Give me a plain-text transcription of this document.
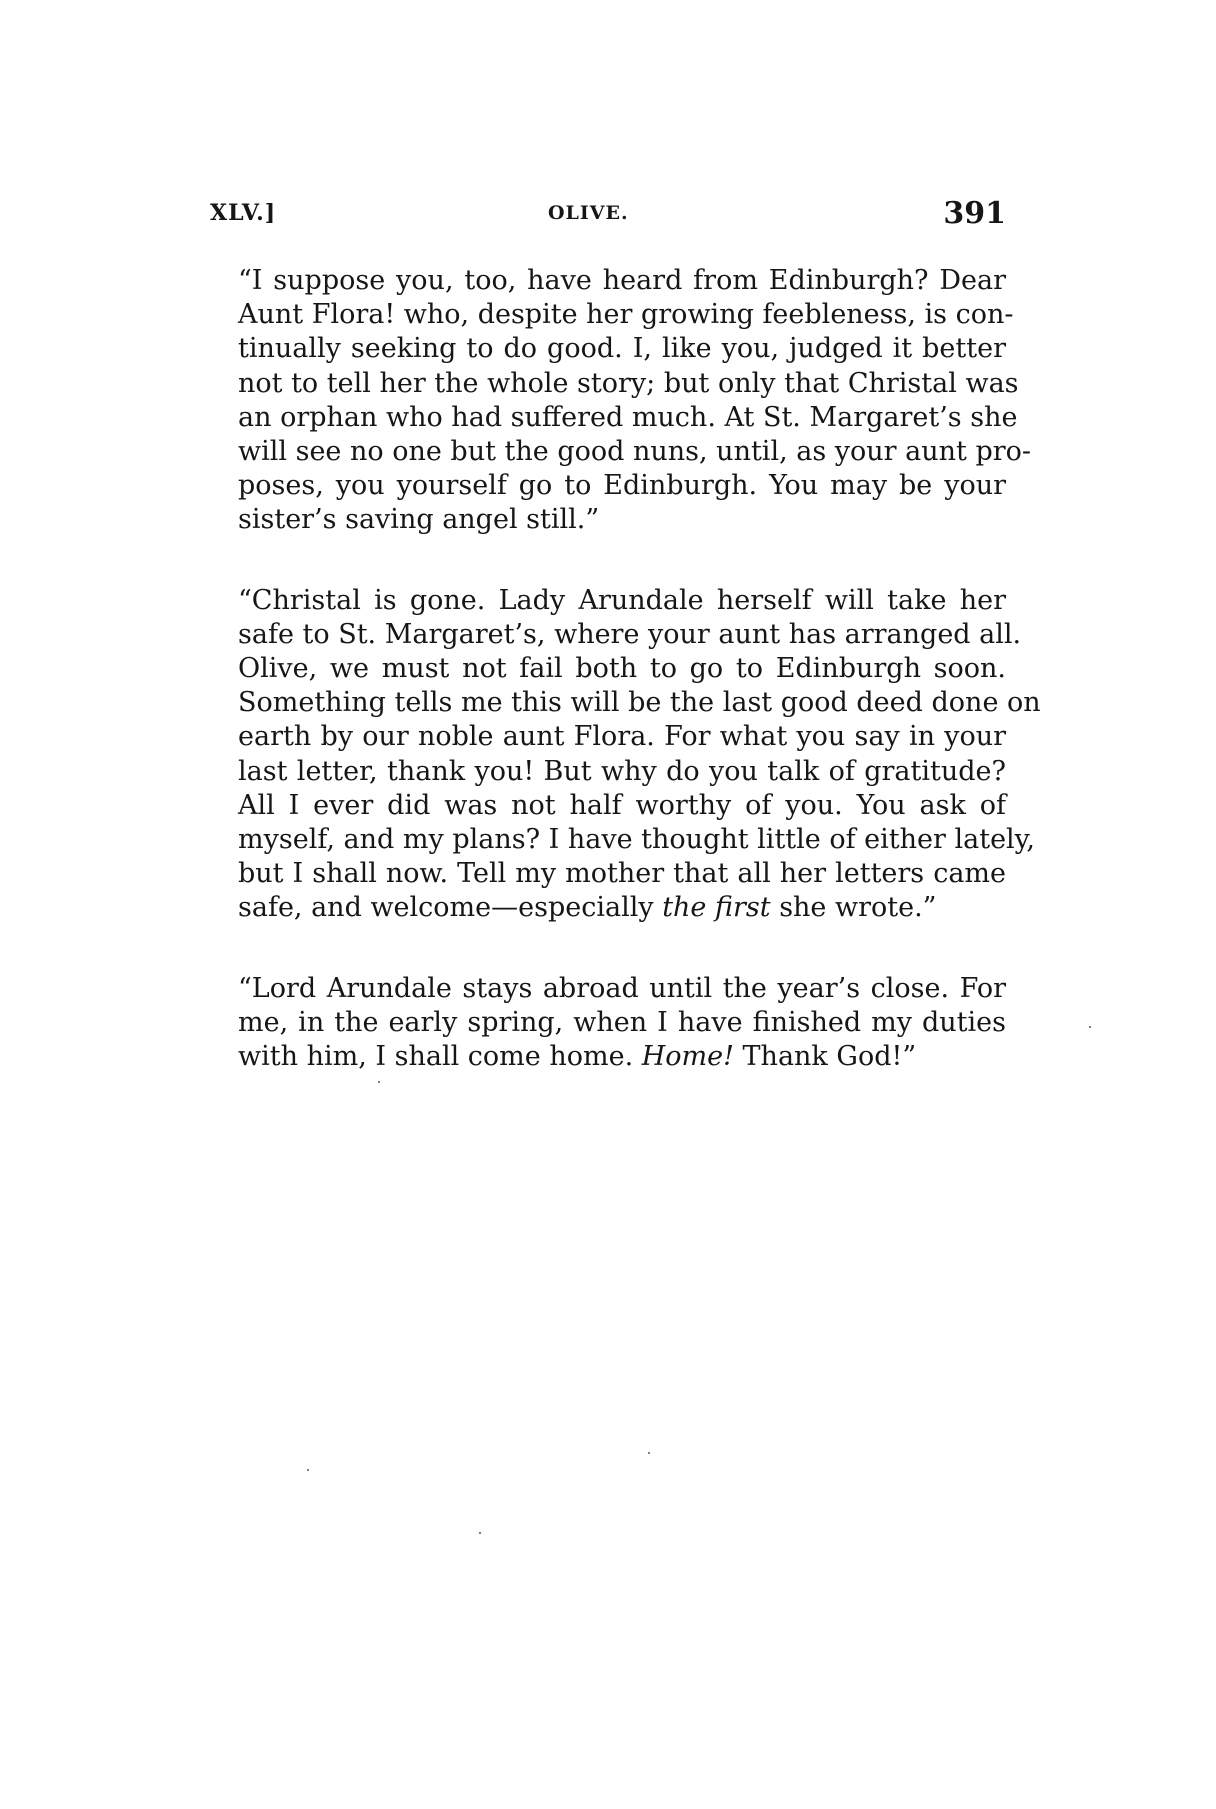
XLV.]	OLIVE.	391

“I suppose you, too, have heard from Edinburgh? Dear
Aunt Flora! who, despite her growing feebleness, is con-
tinually seeking to do good. I, like you, judged it better
not to tell her the whole story; but only that Christal was
an orphan who had suffered much. At St. Margaret’s she
will see no one but the good nuns, until, as your aunt pro-
poses, you yourself go to Edinburgh. You may be your
sister’s saving angel still.”

“Christal is gone. Lady Arundale herself will take her
safe to St. Margaret’s, where your aunt has arranged all.
Olive, we must not fail both to go to Edinburgh soon.
Something tells me this will be the last good deed done on
earth by our noble aunt Flora. For what you say in your
last letter, thank you! But why do you talk of gratitude?
All I ever did was not half worthy of you. You ask of
myself, and my plans? I have thought little of either lately,
but I shall now. Tell my mother that all her letters came
safe, and welcome—especially the first she wrote.”

“Lord Arundale stays abroad until the year’s close. For
me, in the early spring, when I have finished my duties
with him, I shall come home. Home! Thank God!”
